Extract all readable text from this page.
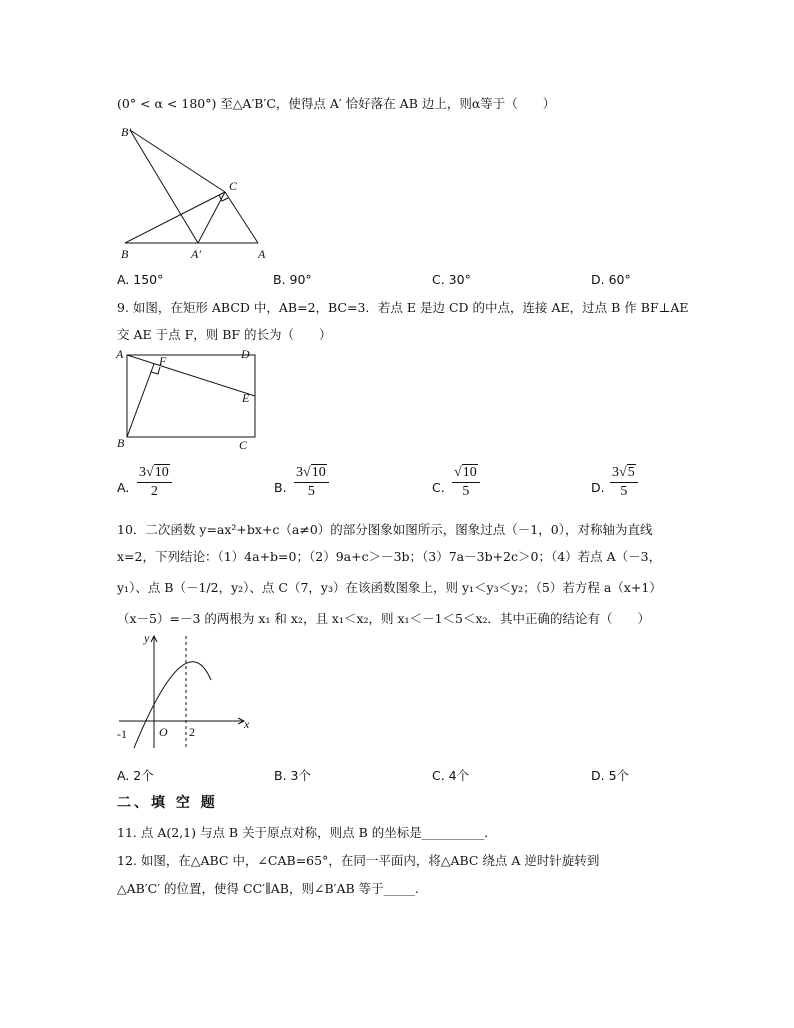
(0° < α < 180°) 至△A′B′C，使得点 A′ 恰好落在 AB 边上，则α等于（　　）
B′
C
B	A′	A
A. 150°	B. 90°	C. 30°	D. 60°
9. 如图，在矩形 ABCD 中，AB=2，BC=3．若点 E 是边 CD 的中点，连接 AE，过点 B 作 BF⊥AE
交 AE 于点 F，则 BF 的长为（　　）
A	D
F
E
B	C
A. $\frac{3√10}{2}$	B. $\frac{3√10}{5}$	C. $\frac{√10}{5}$	D. $\frac{3√5}{5}$
10．二次函数 y=ax²+bx+c（a≠0）的部分图象如图所示，图象过点（－1，0），对称轴为直线
x=2，下列结论：（1）4a+b=0；（2）9a+c＞－3b；（3）7a－3b+2c＞0；（4）若点 A（－3，
y₁）、点 B（－1/2，y₂）、点 C（7，y₃）在该函数图象上，则 y₁＜y₃＜y₂；（5）若方程 a（x+1）
（x－5）=－3 的两根为 x₁ 和 x₂，且 x₁＜x₂，则 x₁＜－1＜5＜x₂．其中正确的结论有（　　）
y
x
-1	O 2
A. 2个	B. 3个	C. 4个	D. 5个
二、填 空 题
11. 点 A(2,1) 与点 B 关于原点对称，则点 B 的坐标是__________．
12. 如图，在△ABC 中，∠CAB=65°，在同一平面内，将△ABC 绕点 A 逆时针旋转到
△AB′C′ 的位置，使得 CC′∥AB，则∠B′AB 等于_____.
